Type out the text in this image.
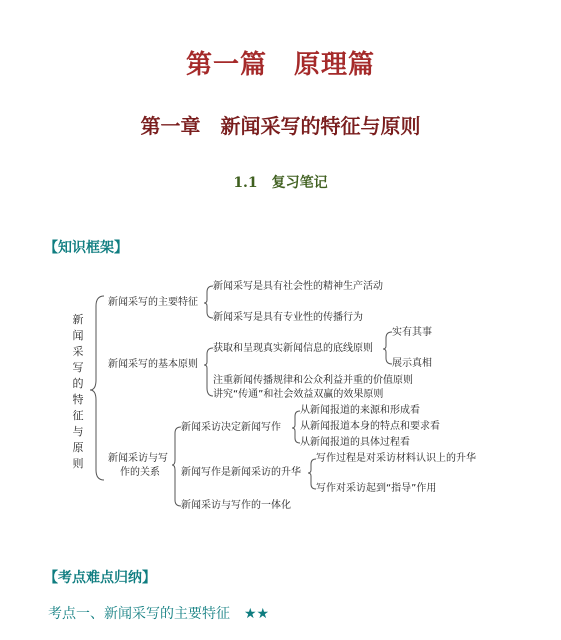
第一篇　原理篇
第一章　新闻采写的特征与原则
1.1 复习笔记
【知识框架】
新闻采写的特征与原则
新闻采写的主要特征
新闻采写是具有社会性的精神生产活动
新闻采写是具有专业性的传播行为
新闻采写的基本原则
获取和呈现真实新闻信息的底线原则
实有其事
展示真相
注重新闻传播规律和公众利益并重的价值原则
讲究“传通”和社会效益双赢的效果原则
新闻采访与写
作的关系
新闻采访决定新闻写作
从新闻报道的来源和形成看
从新闻报道本身的特点和要求看
从新闻报道的具体过程看
新闻写作是新闻采访的升华
写作过程是对采访材料认识上的升华
写作对采访起到“指导”作用
新闻采访与写作的一体化
【考点难点归纳】
考点一、新闻采写的主要特征 ★★
